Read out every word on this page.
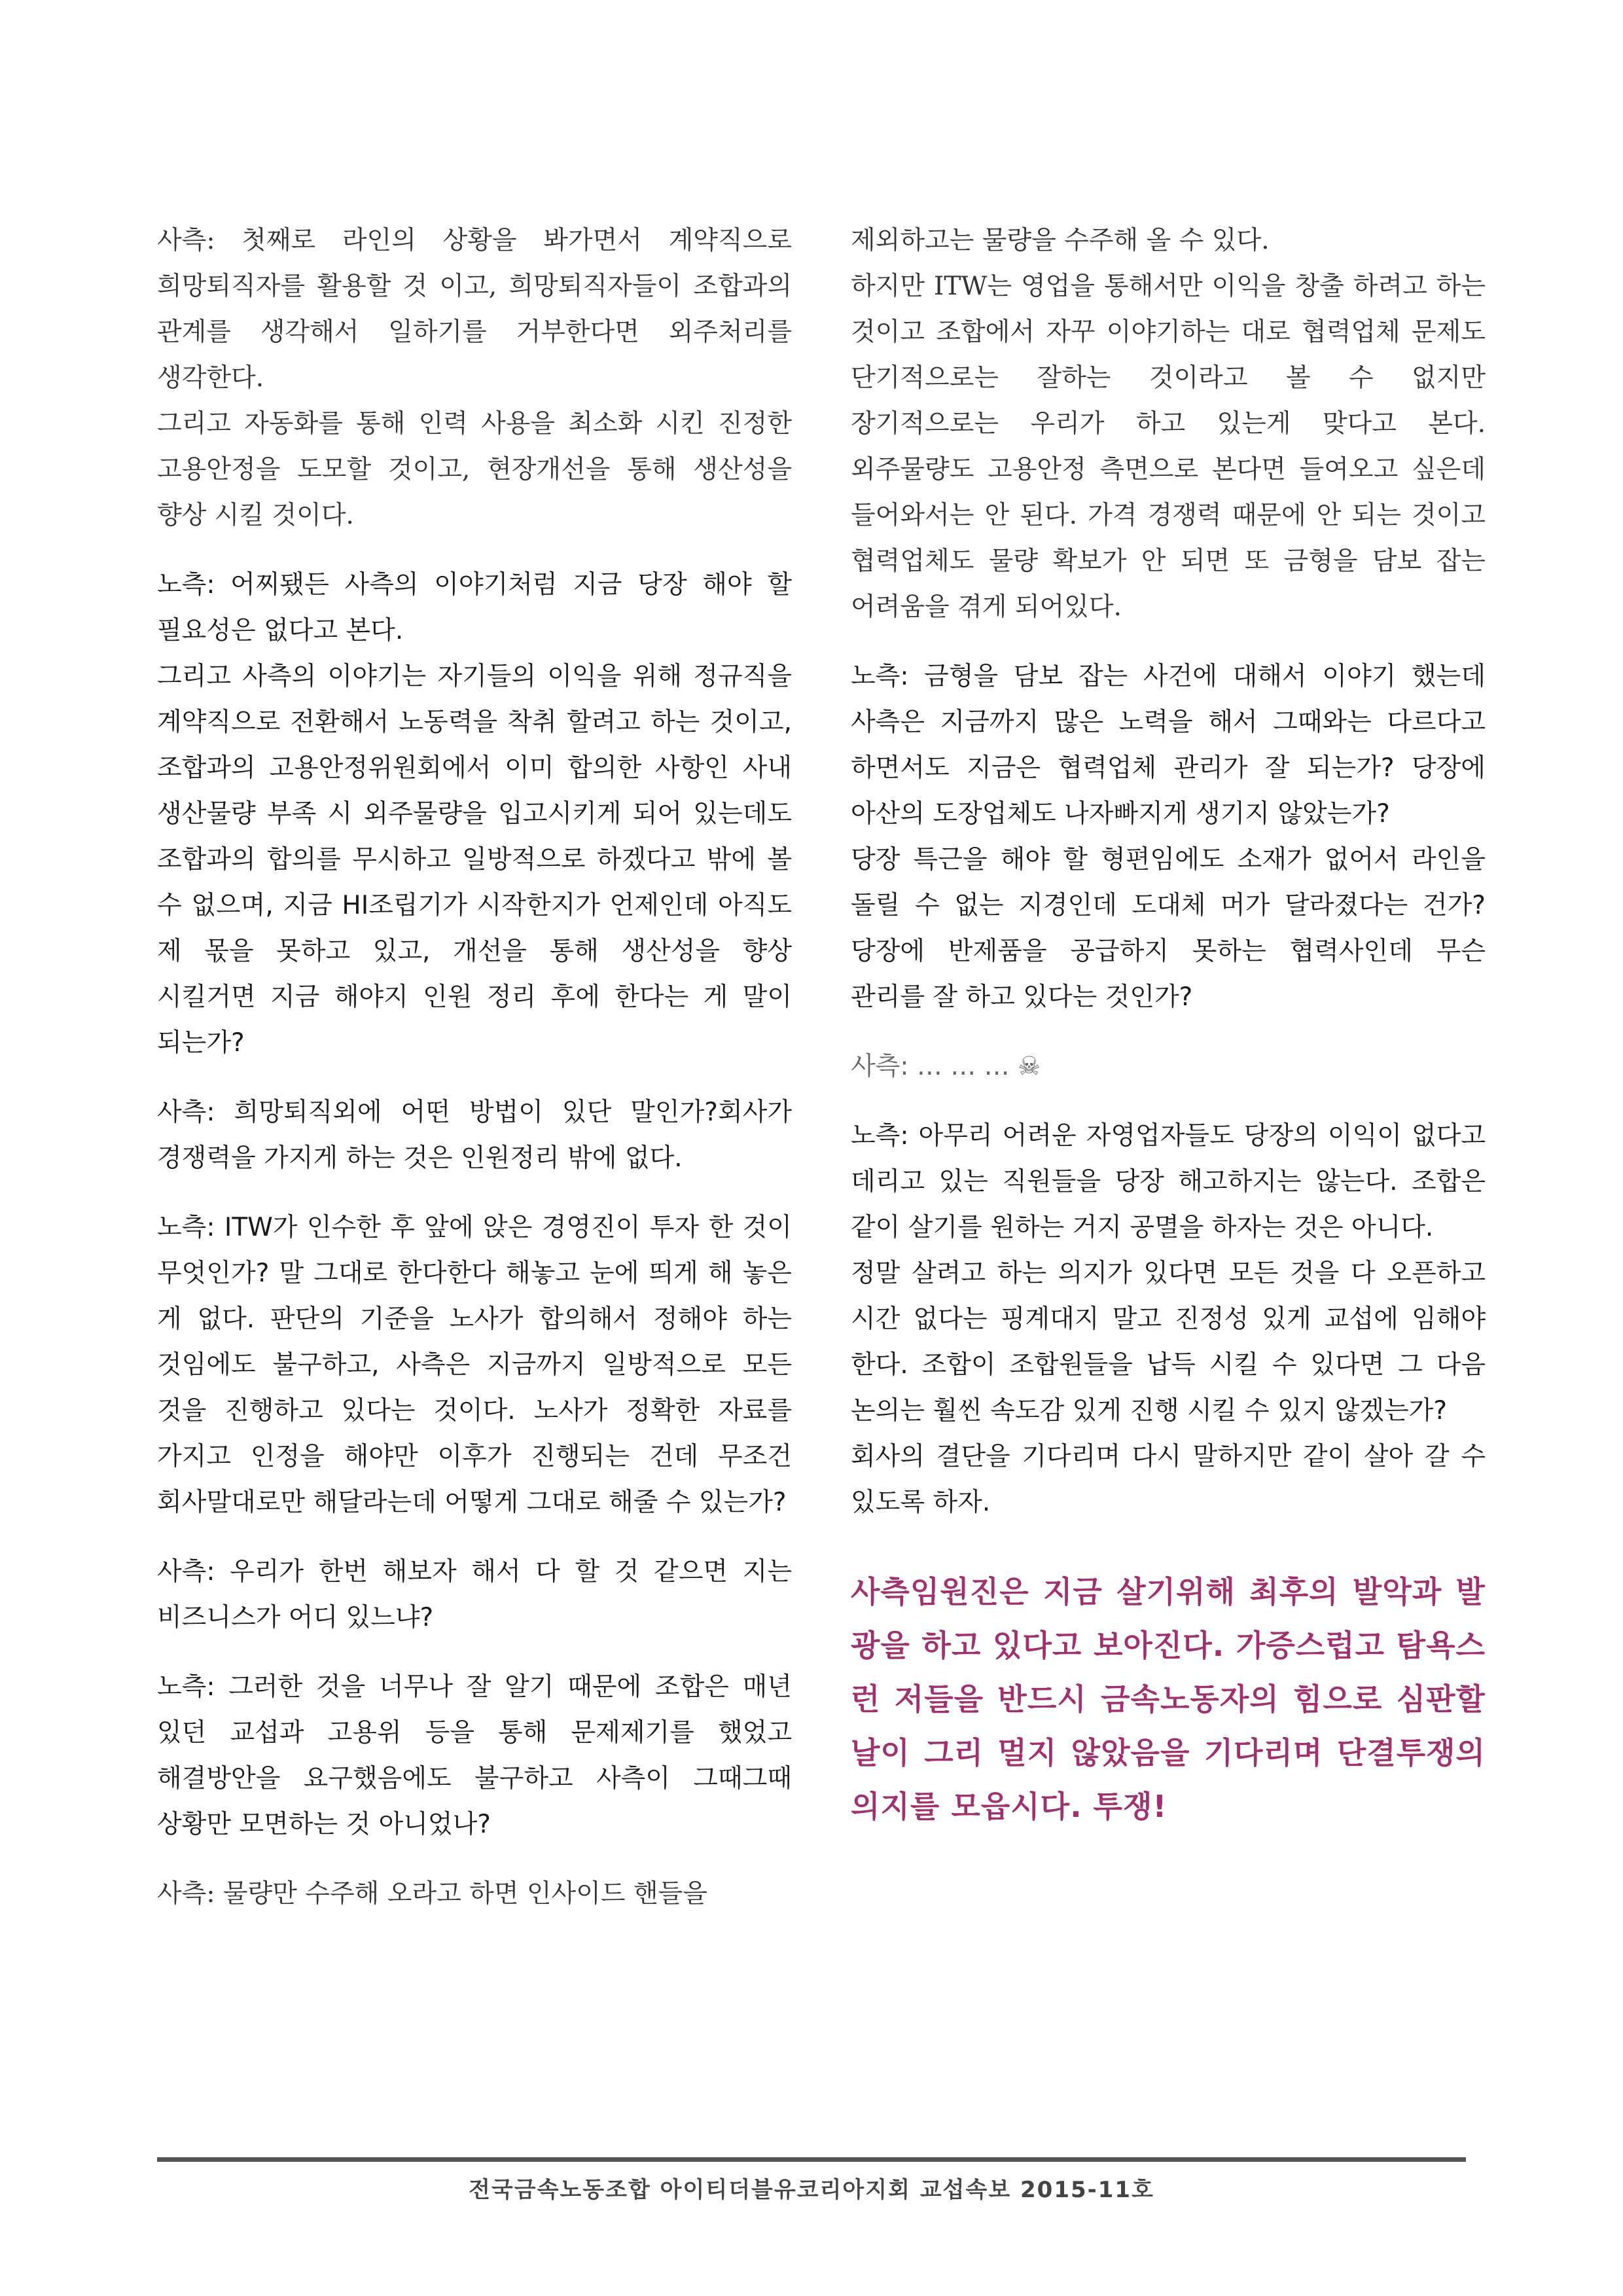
사측: 첫째로 라인의 상황을 봐가면서 계약직으로 희망퇴직자를 활용할 것 이고, 희망퇴직자들이 조합과의 관계를 생각해서 일하기를 거부한다면 외주처리를 생각한다.
그리고 자동화를 통해 인력 사용을 최소화 시킨 진정한 고용안정을 도모할 것이고, 현장개선을 통해 생산성을 향상 시킬 것이다.

노측: 어찌됐든 사측의 이야기처럼 지금 당장 해야 할 필요성은 없다고 본다.
그리고 사측의 이야기는 자기들의 이익을 위해 정규직을 계약직으로 전환해서 노동력을 착취 할려고 하는 것이고, 조합과의 고용안정위원회에서 이미 합의한 사항인 사내 생산물량 부족 시 외주물량을 입고시키게 되어 있는데도 조합과의 합의를 무시하고 일방적으로 하겠다고 밖에 볼 수 없으며, 지금 HI조립기가 시작한지가 언제인데 아직도 제 몫을 못하고 있고, 개선을 통해 생산성을 향상 시킬거면 지금 해야지 인원 정리 후에 한다는 게 말이 되는가?

사측: 희망퇴직외에 어떤 방법이 있단 말인가?회사가 경쟁력을 가지게 하는 것은 인원정리 밖에 없다.

노측: ITW가 인수한 후 앞에 앉은 경영진이 투자 한 것이 무엇인가? 말 그대로 한다한다 해놓고 눈에 띄게 해 놓은 게 없다. 판단의 기준을 노사가 합의해서 정해야 하는 것임에도 불구하고, 사측은 지금까지 일방적으로 모든 것을 진행하고 있다는 것이다. 노사가 정확한 자료를 가지고 인정을 해야만 이후가 진행되는 건데 무조건 회사말대로만 해달라는데 어떻게 그대로 해줄 수 있는가?

사측: 우리가 한번 해보자 해서 다 할 것 같으면 지는 비즈니스가 어디 있느냐?

노측: 그러한 것을 너무나 잘 알기 때문에 조합은 매년 있던 교섭과 고용위 등을 통해 문제제기를 했었고 해결방안을 요구했음에도 불구하고 사측이 그때그때 상황만 모면하는 것 아니었나?

사측: 물량만 수주해 오라고 하면 인사이드 핸들을

제외하고는 물량을 수주해 올 수 있다.
하지만 ITW는 영업을 통해서만 이익을 창출 하려고 하는 것이고 조합에서 자꾸 이야기하는 대로 협력업체 문제도 단기적으로는 잘하는 것이라고 볼 수 없지만 장기적으로는 우리가 하고 있는게 맞다고 본다. 외주물량도 고용안정 측면으로 본다면 들여오고 싶은데 들어와서는 안 된다. 가격 경쟁력 때문에 안 되는 것이고 협력업체도 물량 확보가 안 되면 또 금형을 담보 잡는 어려움을 겪게 되어있다.

노측: 금형을 담보 잡는 사건에 대해서 이야기 했는데 사측은 지금까지 많은 노력을 해서 그때와는 다르다고 하면서도 지금은 협력업체 관리가 잘 되는가? 당장에 아산의 도장업체도 나자빠지게 생기지 않았는가?
당장 특근을 해야 할 형편임에도 소재가 없어서 라인을 돌릴 수 없는 지경인데 도대체 머가 달라졌다는 건가? 당장에 반제품을 공급하지 못하는 협력사인데 무슨 관리를 잘 하고 있다는 것인가?

사측: … … … ☠

노측: 아무리 어려운 자영업자들도 당장의 이익이 없다고 데리고 있는 직원들을 당장 해고하지는 않는다. 조합은 같이 살기를 원하는 거지 공멸을 하자는 것은 아니다.
정말 살려고 하는 의지가 있다면 모든 것을 다 오픈하고 시간 없다는 핑계대지 말고 진정성 있게 교섭에 임해야 한다. 조합이 조합원들을 납득 시킬 수 있다면 그 다음 논의는 훨씬 속도감 있게 진행 시킬 수 있지 않겠는가?
회사의 결단을 기다리며 다시 말하지만 같이 살아 갈 수 있도록 하자.

사측임원진은 지금 살기위해 최후의 발악과 발광을 하고 있다고 보아진다. 가증스럽고 탐욕스런 저들을 반드시 금속노동자의 힘으로 심판할 날이 그리 멀지 않았음을 기다리며 단결투쟁의 의지를 모읍시다. 투쟁!
전국금속노동조합 아이티더블유코리아지회 교섭속보 2015-11호
